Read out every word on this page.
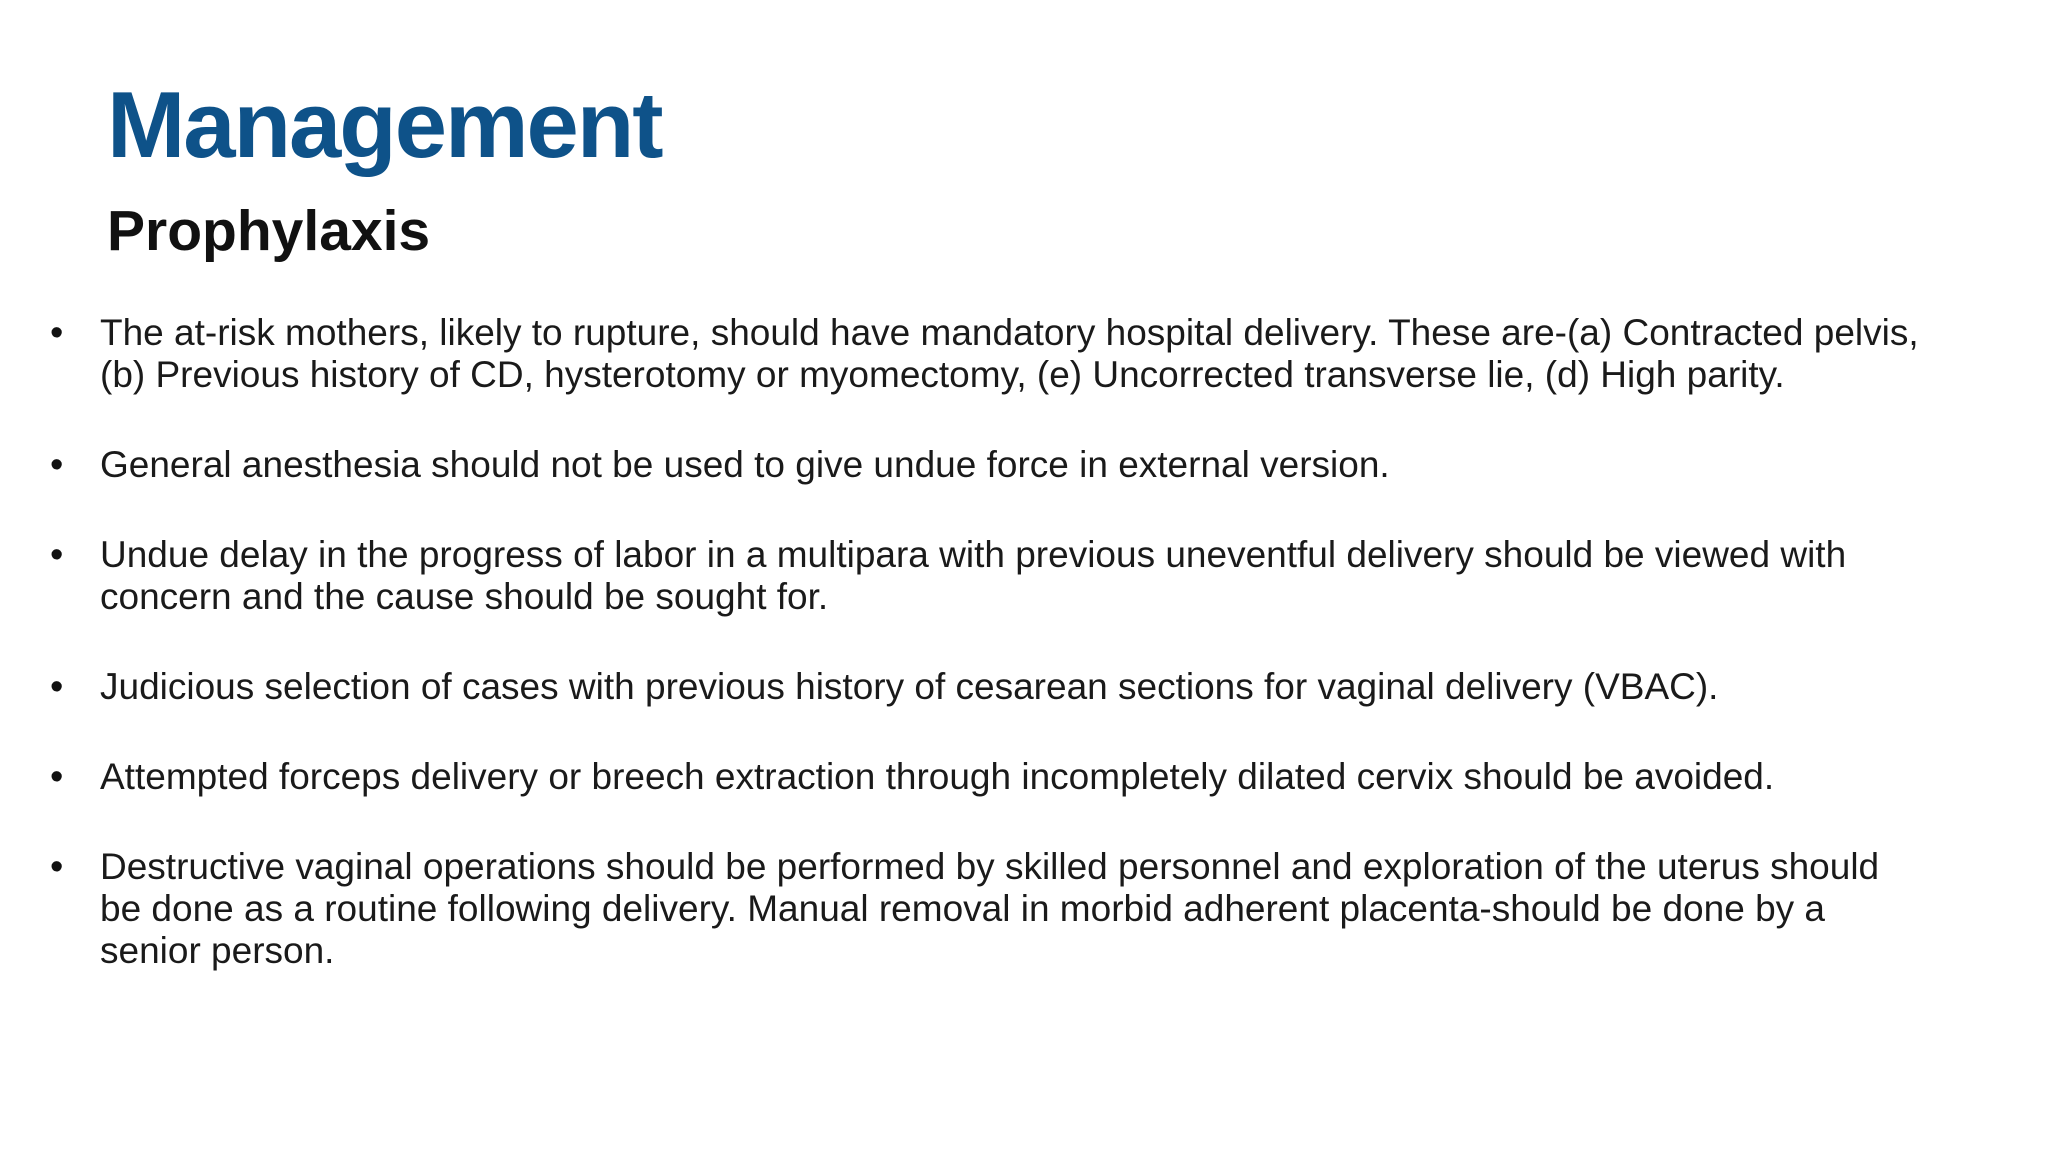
Management
Prophylaxis
• The at-risk mothers, likely to rupture, should have mandatory hospital delivery. These are-(a) Contracted pelvis, (b) Previous history of CD, hysterotomy or myomectomy, (e) Uncorrected transverse lie, (d) High parity.
• General anesthesia should not be used to give undue force in external version.
• Undue delay in the progress of labor in a multipara with previous uneventful delivery should be viewed with concern and the cause should be sought for.
• Judicious selection of cases with previous history of cesarean sections for vaginal delivery (VBAC).
• Attempted forceps delivery or breech extraction through incompletely dilated cervix should be avoided.
• Destructive vaginal operations should be performed by skilled personnel and exploration of the uterus should be done as a routine following delivery. Manual removal in morbid adherent placenta-should be done by a senior person.
